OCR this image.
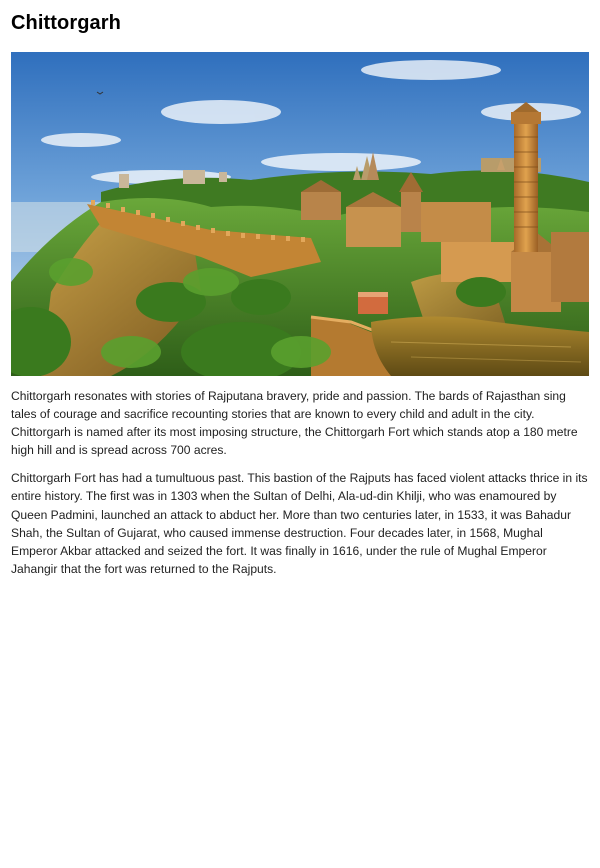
Chittorgarh

Chittorgarh resonates with stories of Rajputana bravery, pride and passion. The bards of Rajasthan sing tales of courage and sacrifice recounting stories that are known to every child and adult in the city. Chittorgarh is named after its most imposing structure, the Chittorgarh Fort which stands atop a 180 metre high hill and is spread across 700 acres.

Chittorgarh Fort has had a tumultuous past. This bastion of the Rajputs has faced violent attacks thrice in its entire history. The first was in 1303 when the Sultan of Delhi, Ala-ud-din Khilji, who was enamoured by Queen Padmini, launched an attack to abduct her. More than two centuries later, in 1533, it was Bahadur Shah, the Sultan of Gujarat, who caused immense destruction. Four decades later, in 1568, Mughal Emperor Akbar attacked and seized the fort. It was finally in 1616, under the rule of Mughal Emperor Jahangir that the fort was returned to the Rajputs.
